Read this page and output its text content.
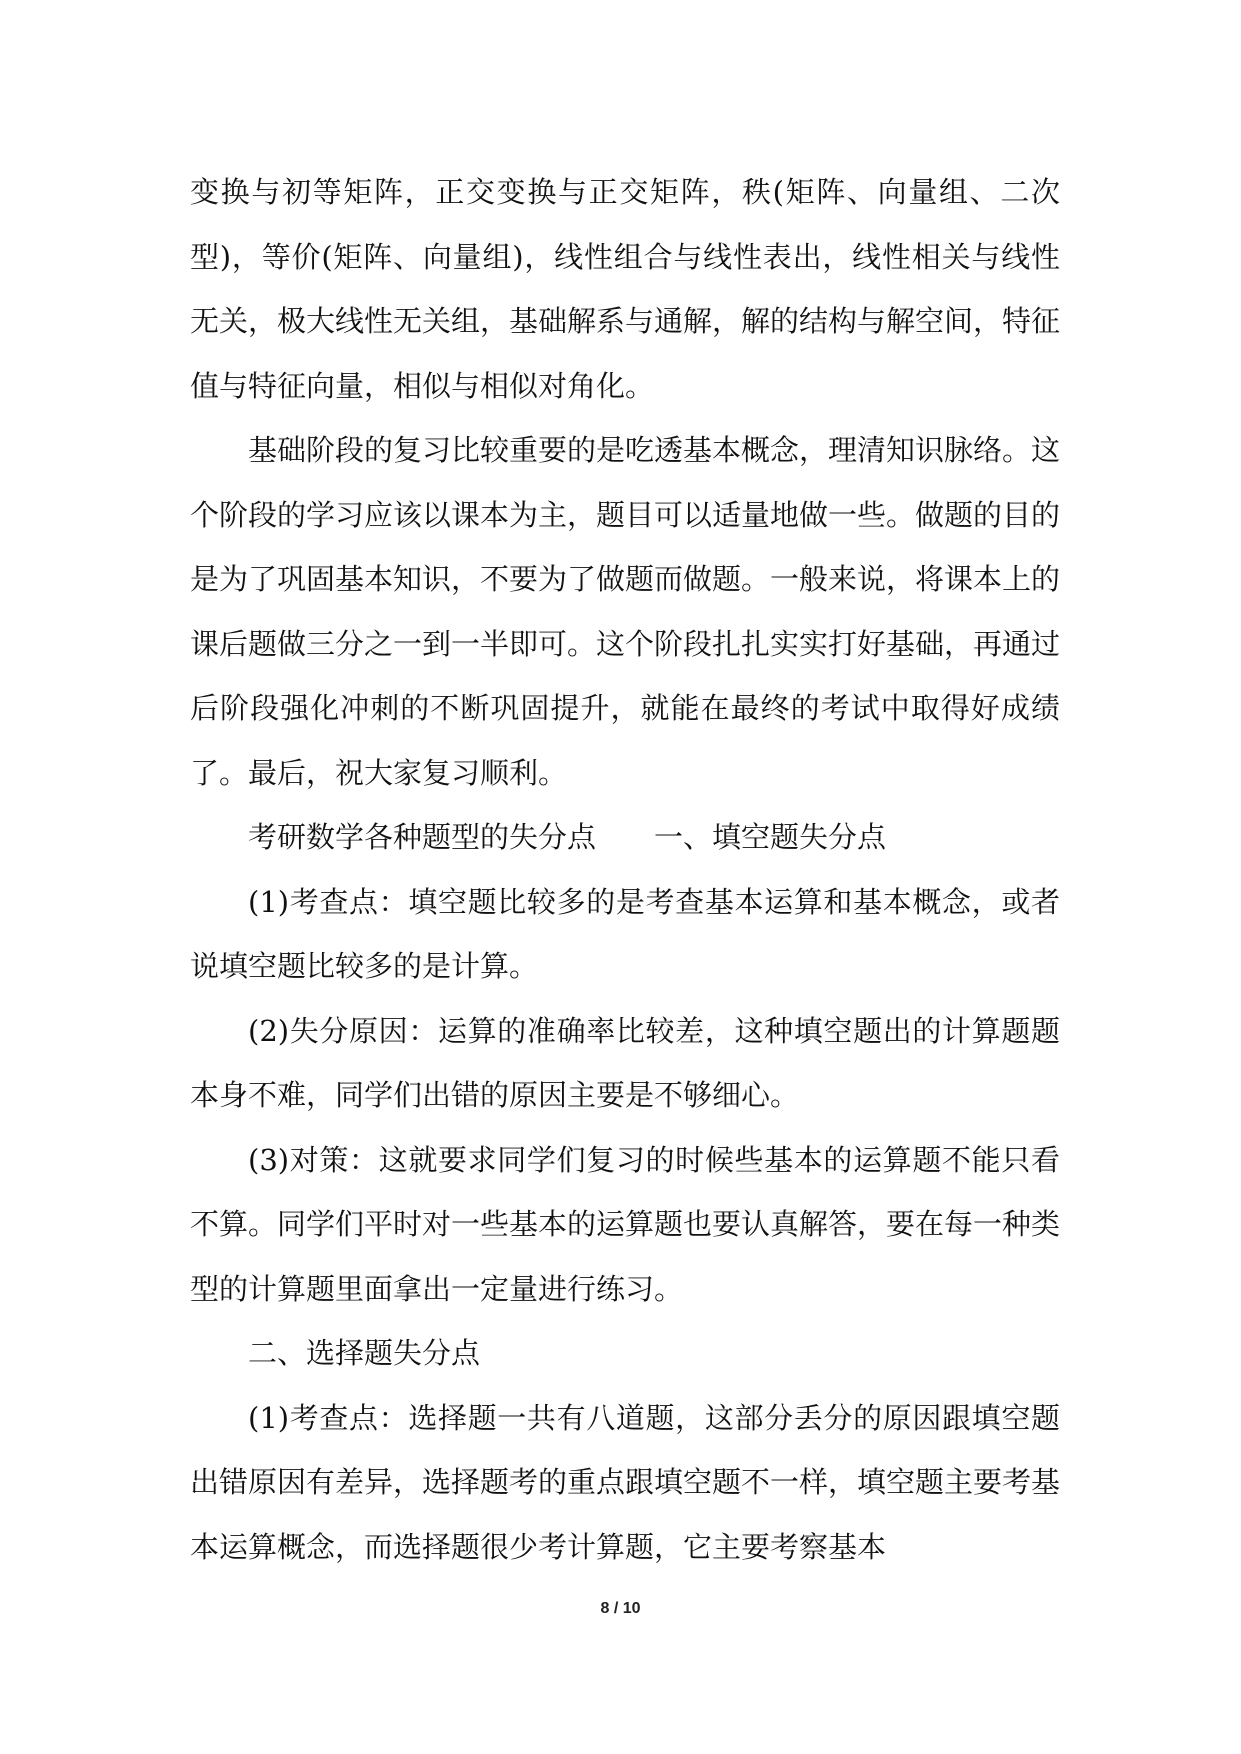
变换与初等矩阵，正交变换与正交矩阵，秩(矩阵、向量组、二次型)，等价(矩阵、向量组)，线性组合与线性表出，线性相关与线性无关，极大线性无关组，基础解系与通解，解的结构与解空间，特征值与特征向量，相似与相似对角化。

基础阶段的复习比较重要的是吃透基本概念，理清知识脉络。这个阶段的学习应该以课本为主，题目可以适量地做一些。做题的目的是为了巩固基本知识，不要为了做题而做题。一般来说，将课本上的课后题做三分之一到一半即可。这个阶段扎扎实实打好基础，再通过后阶段强化冲刺的不断巩固提升，就能在最终的考试中取得好成绩了。最后，祝大家复习顺利。

考研数学各种题型的失分点　　一、填空题失分点

(1)考查点：填空题比较多的是考查基本运算和基本概念，或者说填空题比较多的是计算。

(2)失分原因：运算的准确率比较差，这种填空题出的计算题题本身不难，同学们出错的原因主要是不够细心。

(3)对策：这就要求同学们复习的时候些基本的运算题不能只看不算。同学们平时对一些基本的运算题也要认真解答，要在每一种类型的计算题里面拿出一定量进行练习。

二、选择题失分点

(1)考查点：选择题一共有八道题，这部分丢分的原因跟填空题出错原因有差异，选择题考的重点跟填空题不一样，填空题主要考基本运算概念，而选择题很少考计算题，它主要考察基本

8 / 10
